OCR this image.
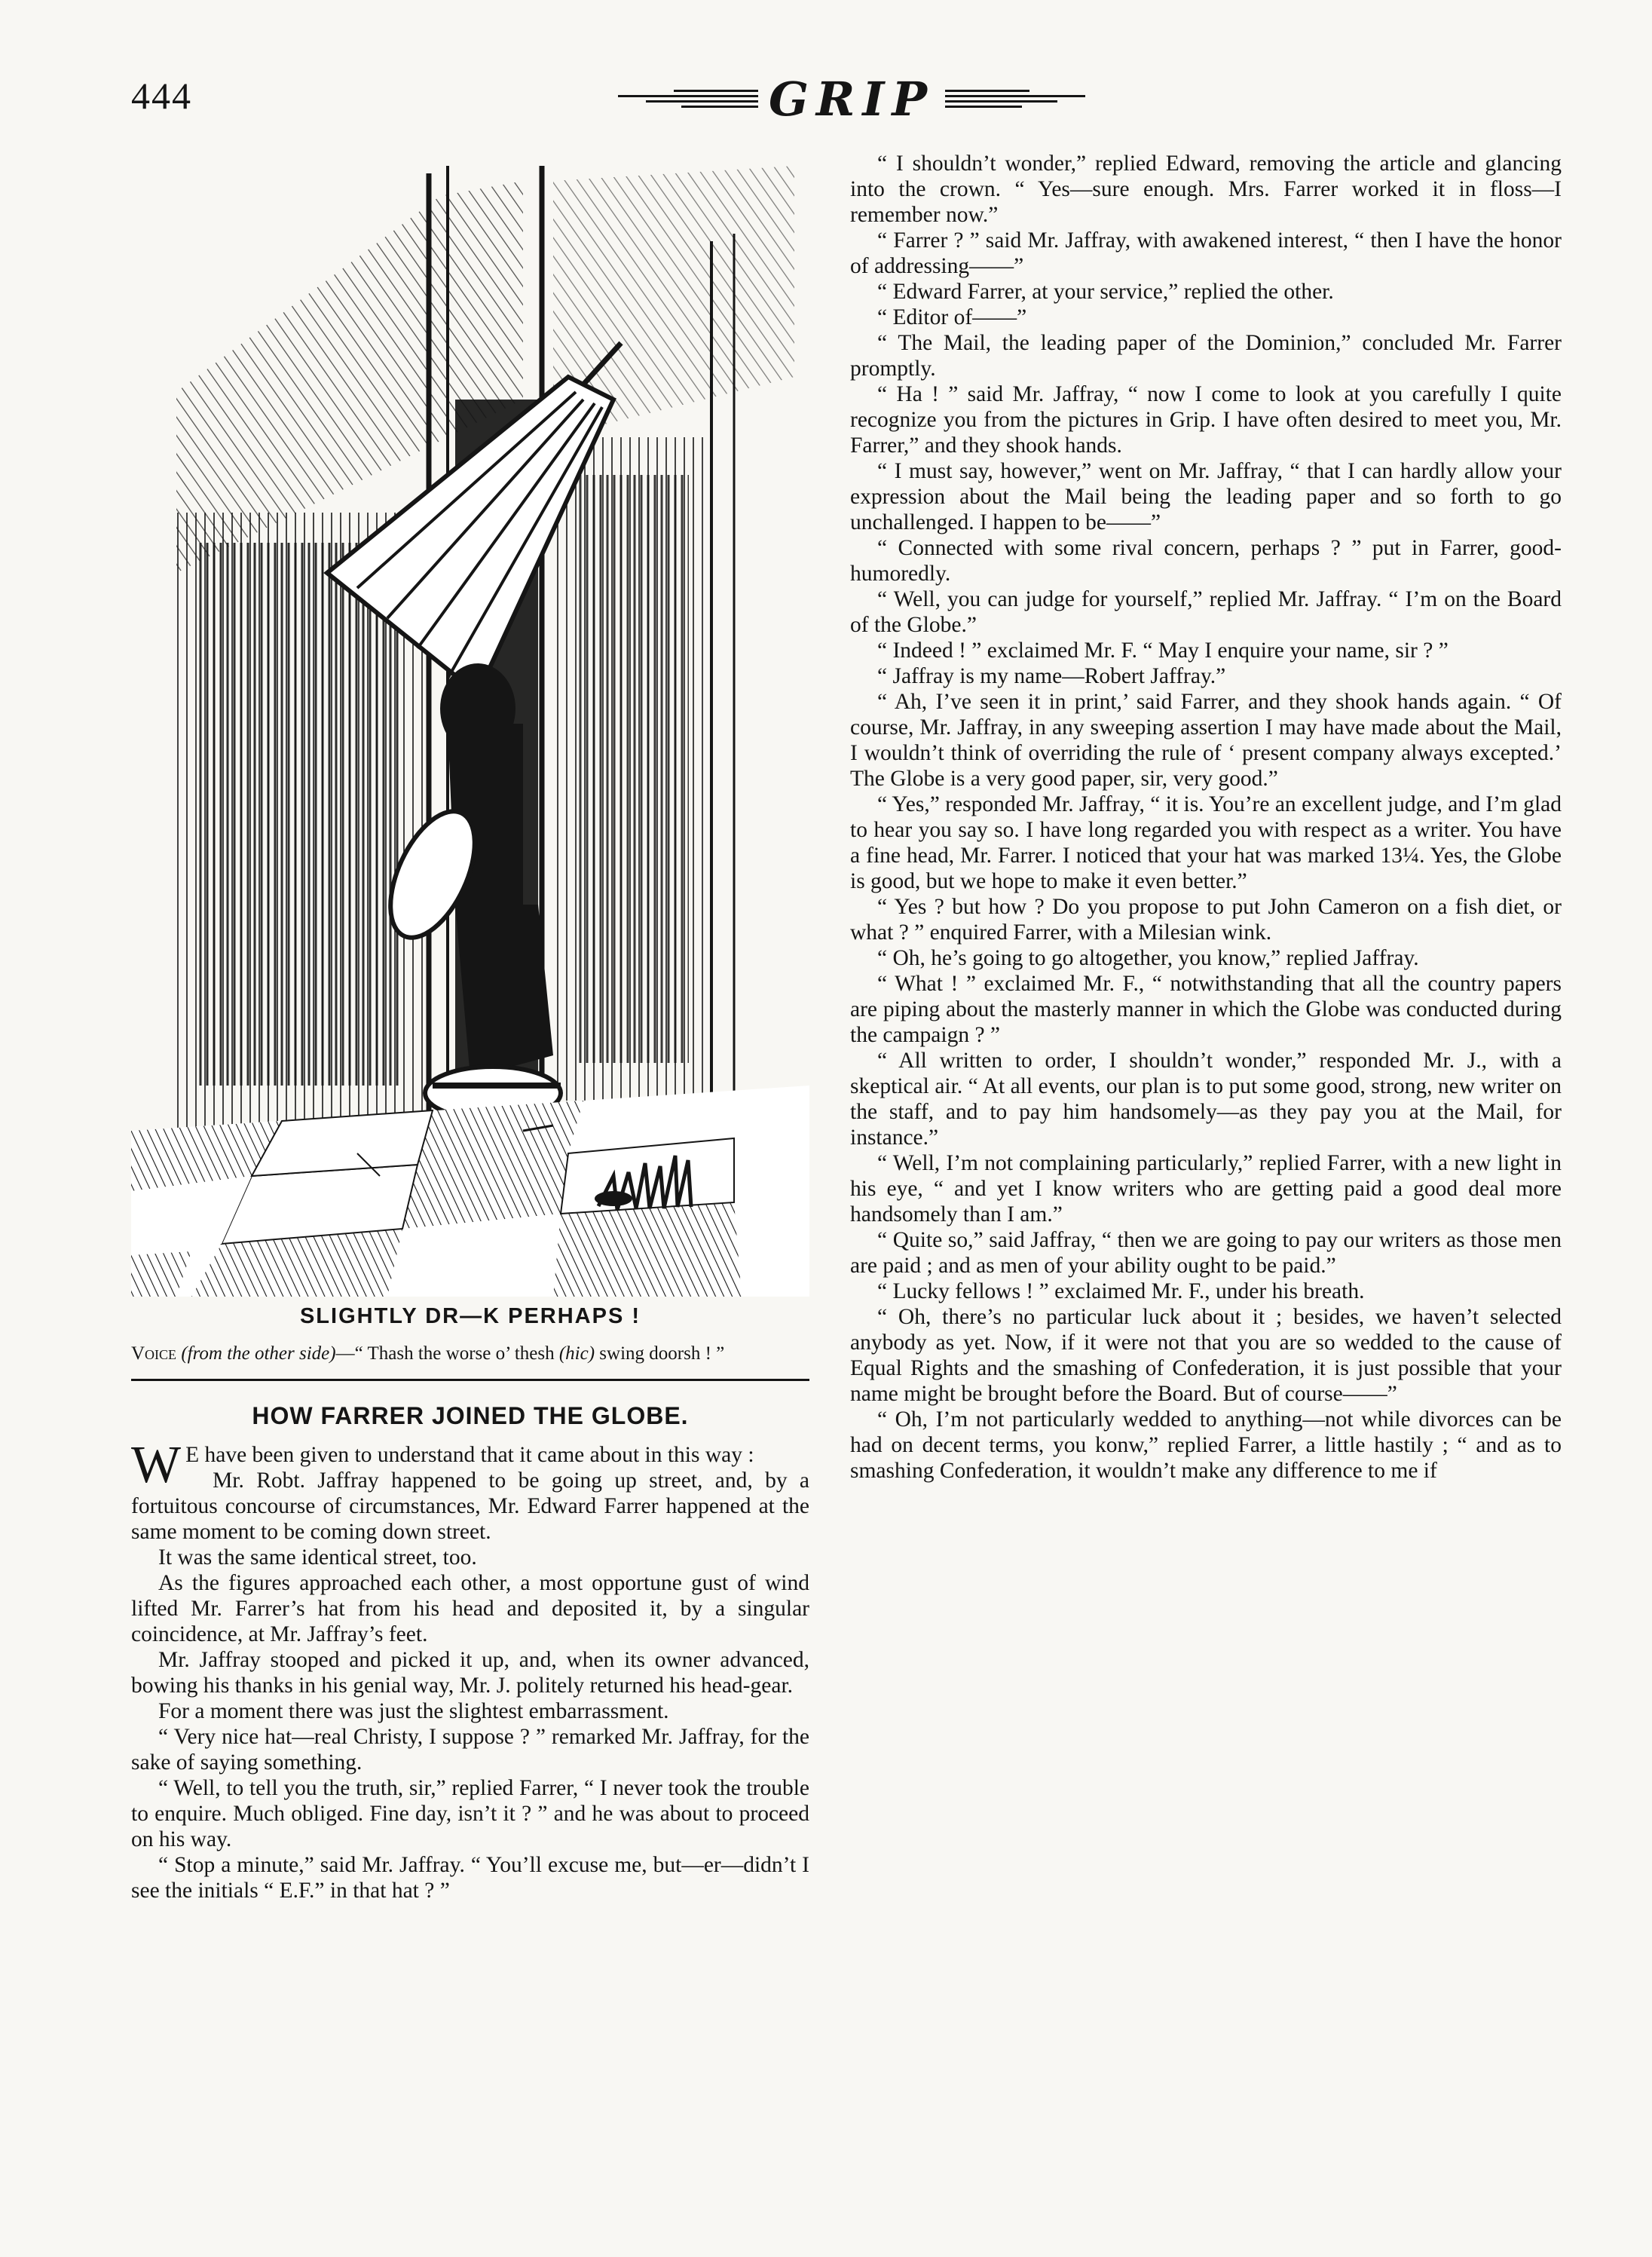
444	GRIP
SLIGHTLY DR—K PERHAPS !
Voice (from the other side)—“ Thash the worse o’ thesh (hic) swing doorsh ! ”
HOW FARRER JOINED THE GLOBE.

W E have been given to understand that it came about in this way :

Mr. Robt. Jaffray happened to be going up street, and, by a fortuitous concourse of circumstances, Mr. Edward Farrer happened at the same moment to be coming down street.

It was the same identical street, too.

As the figures approached each other, a most opportune gust of wind lifted Mr. Farrer’s hat from his head and deposited it, by a singular coincidence, at Mr. Jaffray’s feet.

Mr. Jaffray stooped and picked it up, and, when its owner advanced, bowing his thanks in his genial way, Mr. J. politely returned his head-gear.

For a moment there was just the slightest embarrassment.

“ Very nice hat—real Christy, I suppose ? ” remarked Mr. Jaffray, for the sake of saying something.

“ Well, to tell you the truth, sir,” replied Farrer, “ I never took the trouble to enquire. Much obliged. Fine day, isn’t it ? ” and he was about to proceed on his way.

“ Stop a minute,” said Mr. Jaffray. “ You’ll excuse me, but—er—didn’t I see the initials “ E.F.” in that hat ? ”

“ I shouldn’t wonder,” replied Edward, removing the article and glancing into the crown. “ Yes—sure enough. Mrs. Farrer worked it in floss—I remember now.”

“ Farrer ? ” said Mr. Jaffray, with awakened interest, “ then I have the honor of addressing——”

“ Edward Farrer, at your service,” replied the other.

“ Editor of——”

“ The Mail, the leading paper of the Dominion,” concluded Mr. Farrer promptly.

“ Ha ! ” said Mr. Jaffray, “ now I come to look at you carefully I quite recognize you from the pictures in Grip. I have often desired to meet you, Mr. Farrer,” and they shook hands.

“ I must say, however,” went on Mr. Jaffray, “ that I can hardly allow your expression about the Mail being the leading paper and so forth to go unchallenged. I happen to be——”

“ Connected with some rival concern, perhaps ? ” put in Farrer, good-humoredly.

“ Well, you can judge for yourself,” replied Mr. Jaffray. “ I’m on the Board of the Globe.”

“ Indeed ! ” exclaimed Mr. F. “ May I enquire your name, sir ? ”

“ Jaffray is my name—Robert Jaffray.”

“ Ah, I’ve seen it in print,’ said Farrer, and they shook hands again. “ Of course, Mr. Jaffray, in any sweeping assertion I may have made about the Mail, I wouldn’t think of overriding the rule of ‘ present company always excepted.’ The Globe is a very good paper, sir, very good.”

“ Yes,” responded Mr. Jaffray, “ it is. You’re an excellent judge, and I’m glad to hear you say so. I have long regarded you with respect as a writer. You have a fine head, Mr. Farrer. I noticed that your hat was marked 13¼. Yes, the Globe is good, but we hope to make it even better.”

“ Yes ? but how ? Do you propose to put John Cameron on a fish diet, or what ? ” enquired Farrer, with a Milesian wink.

“ Oh, he’s going to go altogether, you know,” replied Jaffray.

“ What ! ” exclaimed Mr. F., “ notwithstanding that all the country papers are piping about the masterly manner in which the Globe was conducted during the campaign ? ”

“ All written to order, I shouldn’t wonder,” responded Mr. J., with a skeptical air. “ At all events, our plan is to put some good, strong, new writer on the staff, and to pay him handsomely—as they pay you at the Mail, for instance.”

“ Well, I’m not complaining particularly,” replied Farrer, with a new light in his eye, “ and yet I know writers who are getting paid a good deal more handsomely than I am.”

“ Quite so,” said Jaffray, “ then we are going to pay our writers as those men are paid ; and as men of your ability ought to be paid.”

“ Lucky fellows ! ” exclaimed Mr. F., under his breath.

“ Oh, there’s no particular luck about it ; besides, we haven’t selected anybody as yet. Now, if it were not that you are so wedded to the cause of Equal Rights and the smashing of Confederation, it is just possible that your name might be brought before the Board. But of course——”

“ Oh, I’m not particularly wedded to anything—not while divorces can be had on decent terms, you konw,” replied Farrer, a little hastily ; “ and as to smashing Confederation, it wouldn’t make any difference to me if
